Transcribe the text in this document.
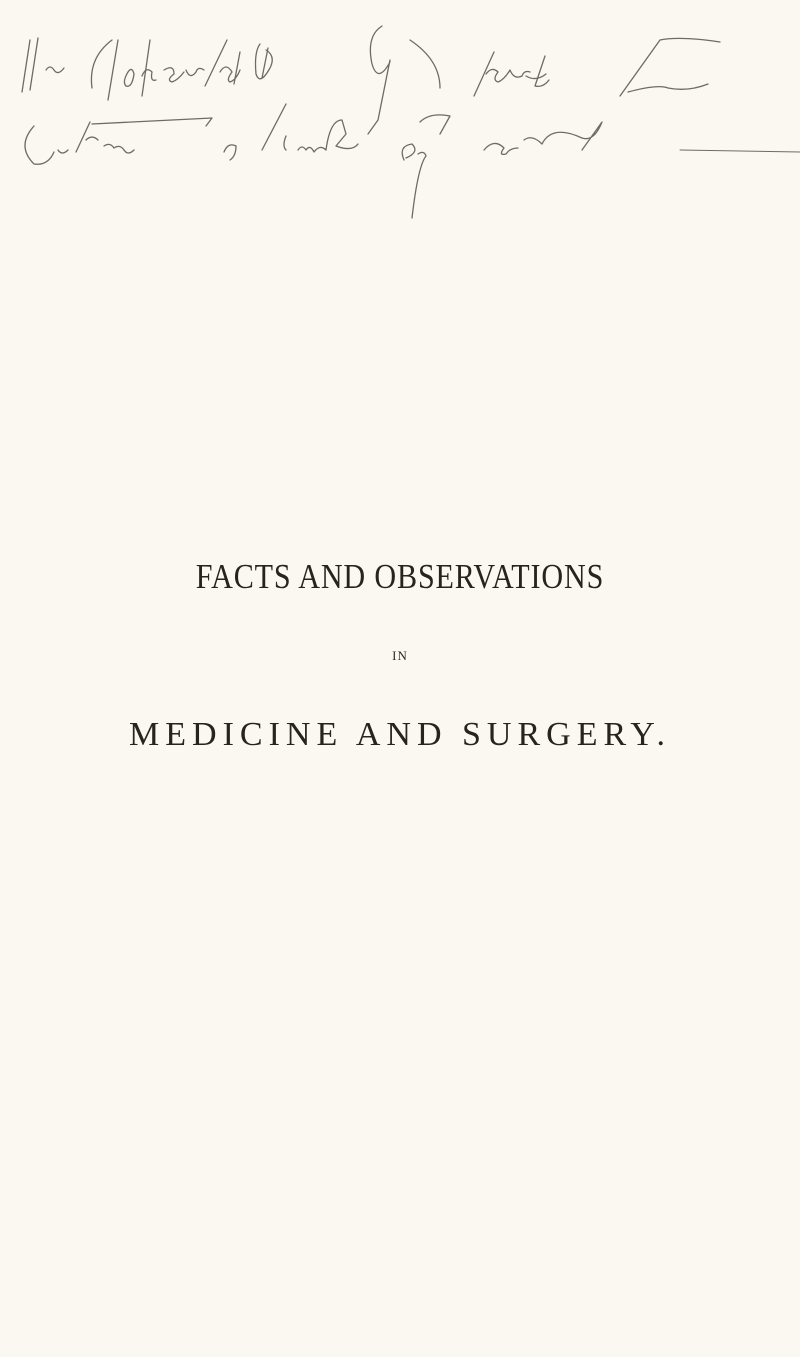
FACTS AND OBSERVATIONS
IN
MEDICINE AND SURGERY.
